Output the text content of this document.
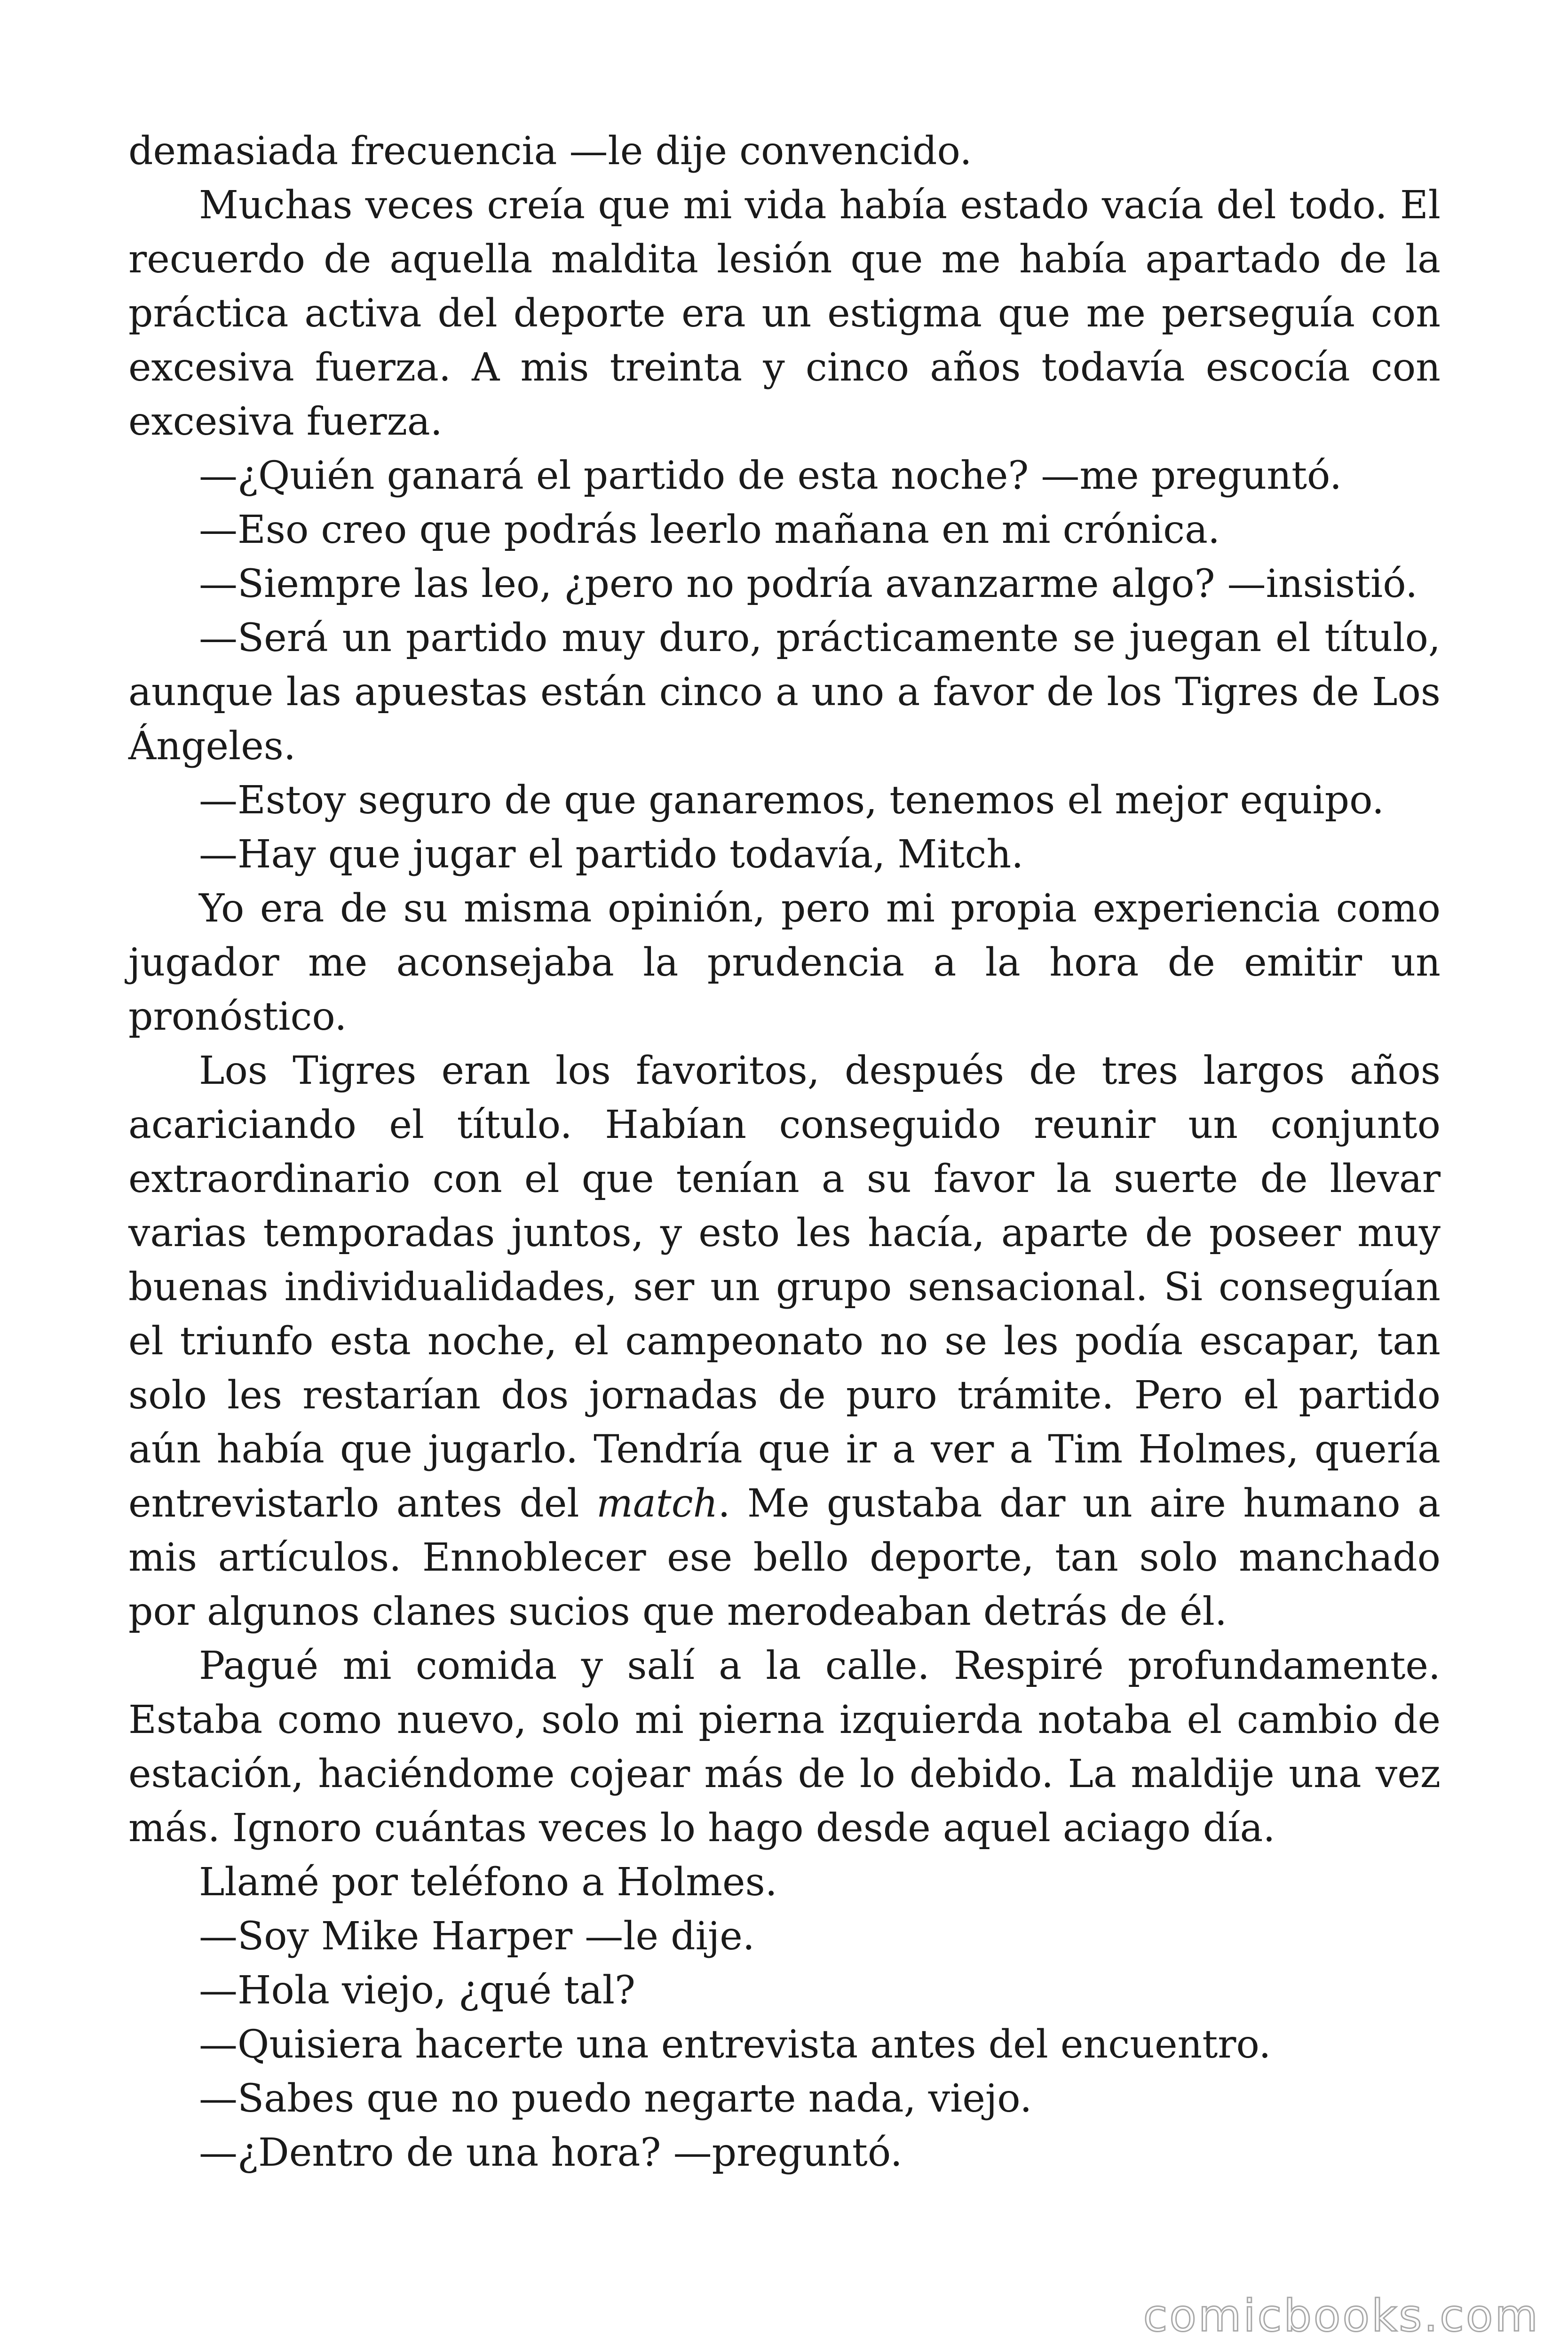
demasiada frecuencia —le dije convencido.

Muchas veces creía que mi vida había estado vacía del todo. El recuerdo de aquella maldita lesión que me había apartado de la práctica activa del deporte era un estigma que me perseguía con excesiva fuerza. A mis treinta y cinco años todavía escocía con excesiva fuerza.

—¿Quién ganará el partido de esta noche? —me preguntó.

—Eso creo que podrás leerlo mañana en mi crónica.

—Siempre las leo, ¿pero no podría avanzarme algo? —insistió.

—Será un partido muy duro, prácticamente se juegan el título, aunque las apuestas están cinco a uno a favor de los Tigres de Los Ángeles.

—Estoy seguro de que ganaremos, tenemos el mejor equipo.

—Hay que jugar el partido todavía, Mitch.

Yo era de su misma opinión, pero mi propia experiencia como jugador me aconsejaba la prudencia a la hora de emitir un pronóstico.

Los Tigres eran los favoritos, después de tres largos años acariciando el título. Habían conseguido reunir un conjunto extraordinario con el que tenían a su favor la suerte de llevar varias temporadas juntos, y esto les hacía, aparte de poseer muy buenas individualidades, ser un grupo sensacional. Si conseguían el triunfo esta noche, el campeonato no se les podía escapar, tan solo les restarían dos jornadas de puro trámite. Pero el partido aún había que jugarlo. Tendría que ir a ver a Tim Holmes, quería entrevistarlo antes del match. Me gustaba dar un aire humano a mis artículos. Ennoblecer ese bello deporte, tan solo manchado por algunos clanes sucios que merodeaban detrás de él.

Pagué mi comida y salí a la calle. Respiré profundamente. Estaba como nuevo, solo mi pierna izquierda notaba el cambio de estación, haciéndome cojear más de lo debido. La maldije una vez más. Ignoro cuántas veces lo hago desde aquel aciago día.

Llamé por teléfono a Holmes.

—Soy Mike Harper —le dije.

—Hola viejo, ¿qué tal?

—Quisiera hacerte una entrevista antes del encuentro.

—Sabes que no puedo negarte nada, viejo.

—¿Dentro de una hora? —preguntó.

comicbooks.com
